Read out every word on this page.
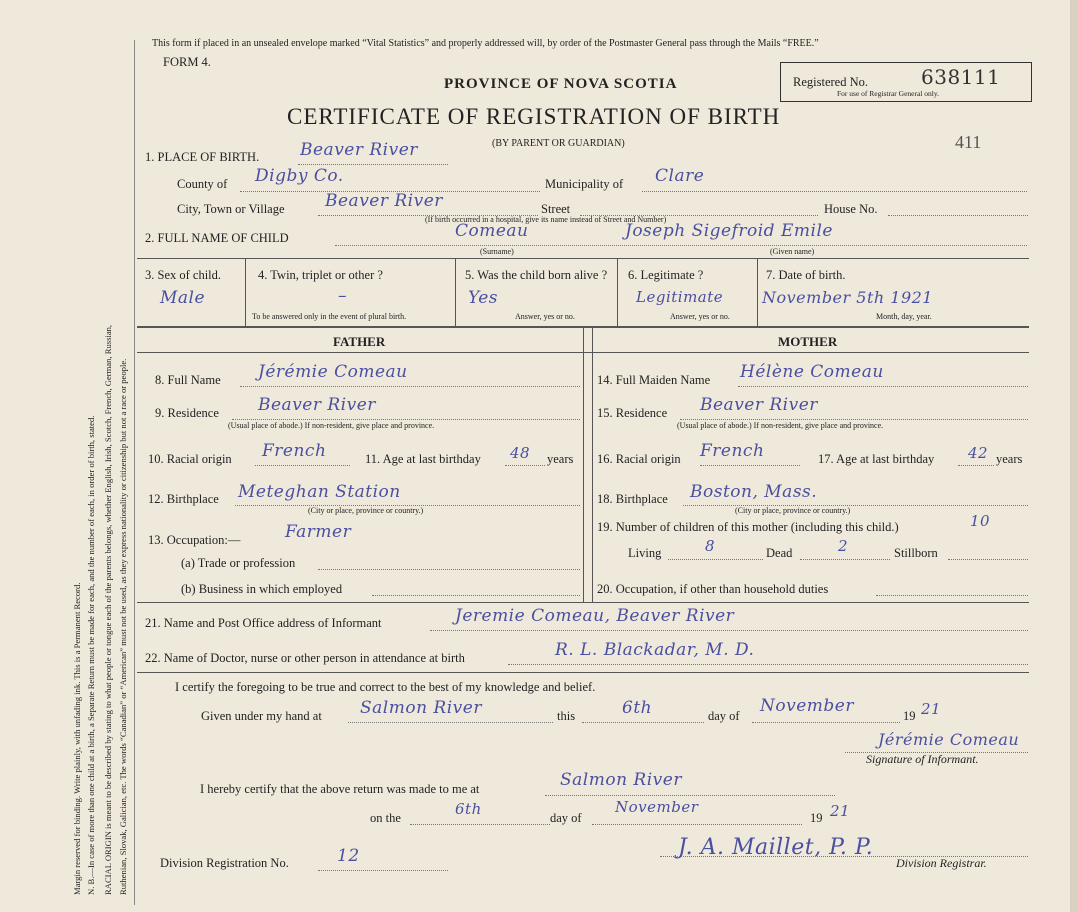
Margin reserved for binding. Write plainly, with unfading ink. This is a Permanent Record. N. B.—In case of more than one child at a birth, a Separate Return must be made for each, and the number of each, in order of birth, stated. RACIAL ORIGIN is meant to be described by stating to what people or tongue each of the parents belongs, whether English, Irish, Scotch, French, German, Russian, Ruthenian, Slovak, Galician, etc. The words “Canadian” or “American” must not be used, as they express nationality or citizenship but not a race or people.
This form if placed in an unsealed envelope marked “Vital Statistics” and properly addressed will, by order of the Postmaster General pass through the Mails “FREE.”
FORM 4.
Registered No.	638111
For use of Registrar General only.
411
PROVINCE OF NOVA SCOTIA
CERTIFICATE OF REGISTRATION OF BIRTH
(BY PARENT OR GUARDIAN)
1. PLACE OF BIRTH. Beaver River
County of Digby Co.	Municipality of Clare
City, Town or Village Beaver River	Street	House No.
(If birth occurred in a hospital, give its name instead of Street and Number)
2. FULL NAME OF CHILD	Comeau	Joseph Sigefroid Emile
(Surname)	(Given name)
3. Sex of child.
Male
4. Twin, triplet or other ?
–
To be answered only in the event of plural birth.
5. Was the child born alive ?
Yes
Answer, yes or no.
6. Legitimate ?
Legitimate
Answer, yes or no.
7. Date of birth.
November 5th 1921
Month, day, year.
FATHER	MOTHER
8. Full Name Jérémie Comeau
9. Residence Beaver River
(Usual place of abode.) If non-resident, give place and province.
10. Racial origin French	11. Age at last birthday 48 years
12. Birthplace Meteghan Station
(City or place, province or country.)
13. Occupation:—	Farmer
(a) Trade or profession
(b) Business in which employed
14. Full Maiden Name Hélène Comeau
15. Residence Beaver River
(Usual place of abode.) If non-resident, give place and province.
16. Racial origin French	17. Age at last birthday 42 years
18. Birthplace Boston, Mass.
(City or place, province or country.)
19. Number of children of this mother (including this child.)	10
Living	8	Dead	2	Stillborn
20. Occupation, if other than household duties
21. Name and Post Office address of Informant	Jeremie Comeau, Beaver River
22. Name of Doctor, nurse or other person in attendance at birth	R. L. Blackadar, M. D.
I certify the foregoing to be true and correct to the best of my knowledge and belief.
Given under my hand at Salmon River	this	6th	day of November	19 21
Jérémie Comeau
Signature of Informant.
I hereby certify that the above return was made to me at	Salmon River
on the	6th	day of
November
19 21
Division Registration No.	12	J. A. Maillet, P. P.
Division Registrar.
